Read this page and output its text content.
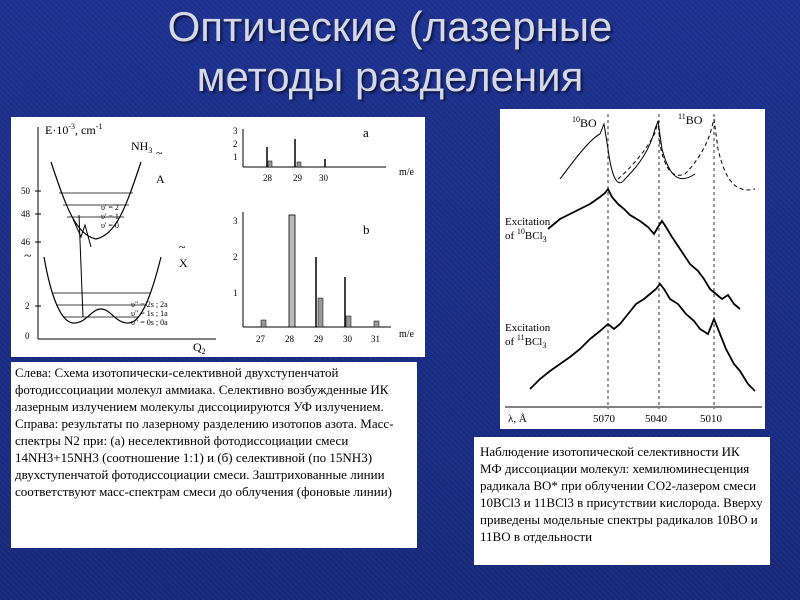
Оптические (лазерные
методы разделения
$E\cdot 10^{-3}$, $cm^{-1}$
$NH_3$ ~
A
~
X
$Q_2$
50
48
46
2
0
~
υ' = 2
υ' = 1
υ' = 0
υ" = 2s ; 2a
υ" = 1s ; 1a
υ" = 0s ; 0a
3
2
1
a
28 29 30	m/e
3
2
1
b
27 28 29 30 31 m/e
$^{10}$BO	$^{11}$BO
Excitation
of $^{10}$BCl$_3$
Excitation
of $^{11}$BCl$_3$
λ, Å	5070	5040	5010
Слева: Схема изотопически-селективной двухступенчатой фотодиссоциации молекул аммиака. Селективно возбужденные ИК лазерным излучением молекулы диссоциируются УФ излучением. Справа: результаты по лазерному разделению изотопов азота. Масс-спектры N2 при: (а) неселективной фотодиссоциации смеси 14NH3+15NH3 (соотношение 1:1) и (б) селективной (по 15NH3) двухступенчатой фотодиссоциации смеси. Заштрихованные линии соответствуют масс-спектрам смеси до облучения (фоновые линии)
Наблюдение изотопической селективности ИК МФ диссоциации молекул: хемилюминесценция радикала BO* при облучении CO2-лазером смеси 10BCl3 и 11BCl3 в присутствии кислорода. Вверху приведены модельные спектры радикалов 10BO и 11BO в отдельности
